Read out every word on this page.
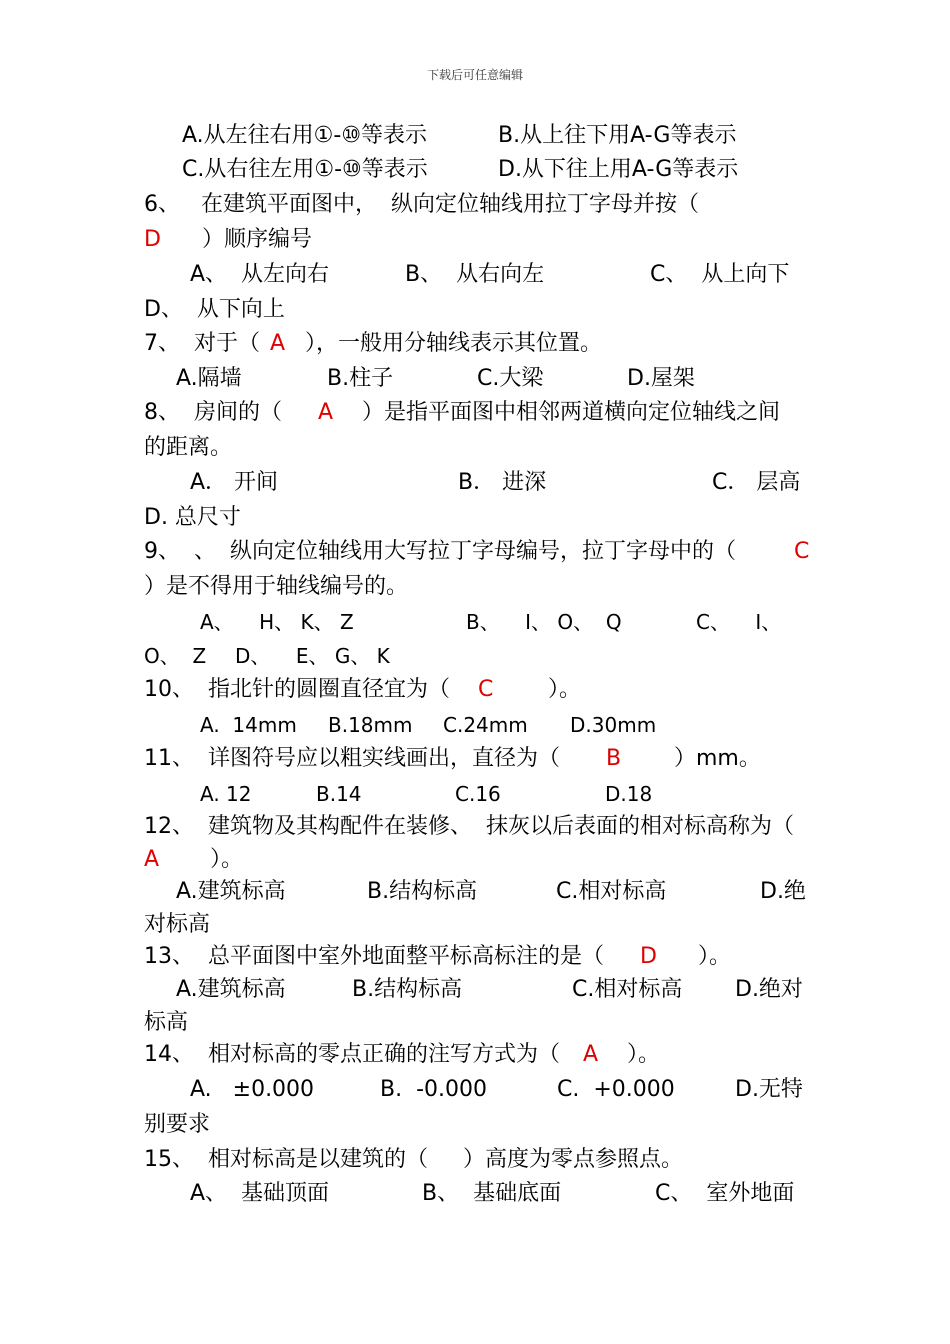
下载后可任意编辑
A.从左往右用①-⑩等表示	B.从上往下用A-G等表示
C.从右往左用①-⑩等表示	D.从下往上用A-G等表示
6、   在建筑平面图中，  纵向定位轴线用拉丁字母并按（
D ）顺序编号
A、  从左向右	B、  从右向左	C、  从上向下
D、  从下向上
7、  对于（ A ），一般用分轴线表示其位置。
A.隔墙	B.柱子	C.大梁	D.屋架
8、  房间的（ A ）是指平面图中相邻两道横向定位轴线之间
的距离。
A． 开间	B． 进深	C． 层高
D. 总尺寸
9、  、  纵向定位轴线用大写拉丁字母编号，拉丁字母中的（	C
）是不得用于轴线编号的。
A、    H、 K、 Z	B、    I、 O、  Q	C、    I、
O、  Z D、    E、 G、 K
10、  指北针的圆圈直径宜为（ C ）。
A.  14mm B.18mm C.24mm D.30mm
11、  详图符号应以粗实线画出，直径为（ B ）mm。
A. 12	B.14	C.16	D.18
12、  建筑物及其构配件在装修、  抹灰以后表面的相对标高称为（
A ）。
A.建筑标高	B.结构标高	C.相对标高	D.绝
对标高
13、  总平面图中室外地面整平标高标注的是（ D ）。
A.建筑标高	B.结构标高	C.相对标高 D.绝对
标高
14、  相对标高的零点正确的注写方式为（ A ）。
A.   ±0.000	B.  -0.000	C.  +0.000	D.无特
别要求
15、  相对标高是以建筑的（     ）高度为零点参照点。
A、  基础顶面	B、  基础底面	C、  室外地面
